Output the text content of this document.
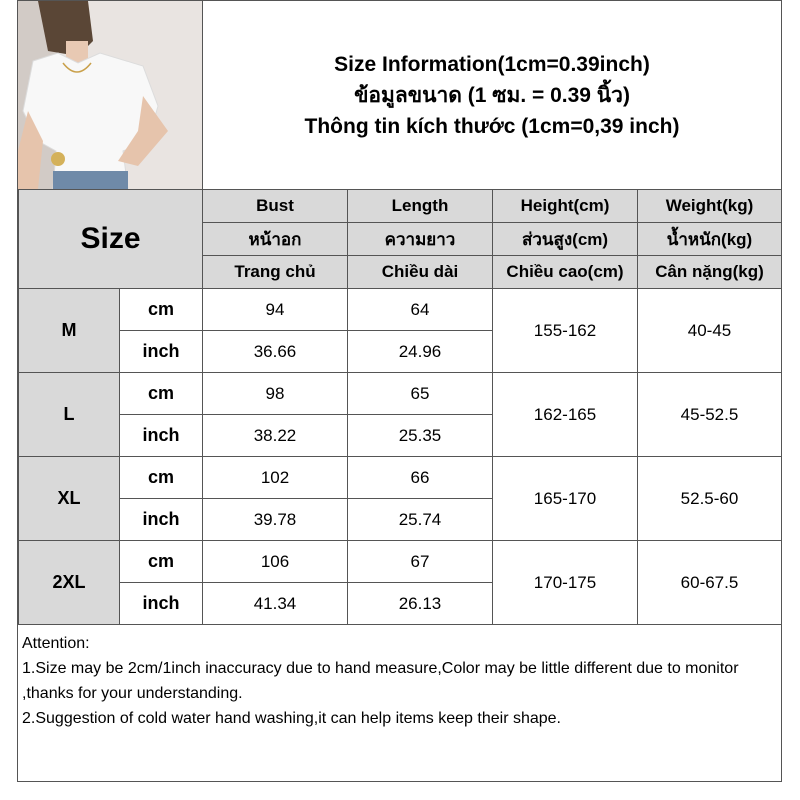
Size Information(1cm=0.39inch)
ข้อมูลขนาด (1 ซม. = 0.39 นิ้ว)
Thông tin kích thước (1cm=0,39 inch)
Size		Bust	Length	Height(cm)	Weight(kg)
		หน้าอก	ความยาว	ส่วนสูง(cm)	น้ำหนัก(kg)
		Trang chủ	Chiều dài	Chiều cao(cm)	Cân nặng(kg)
M	cm	94	64	155-162	40-45
	inch	36.66	24.96		
L	cm	98	65	162-165	45-52.5
	inch	38.22	25.35		
XL	cm	102	66	165-170	52.5-60
	inch	39.78	25.74		
2XL	cm	106	67	170-175	60-67.5
	inch	41.34	26.13		
Attention:
1.Size may be 2cm/1inch inaccuracy due to hand measure,Color may be little different due to monitor ,thanks for your understanding.
2.Suggestion of cold water hand washing,it can help items keep their shape.
